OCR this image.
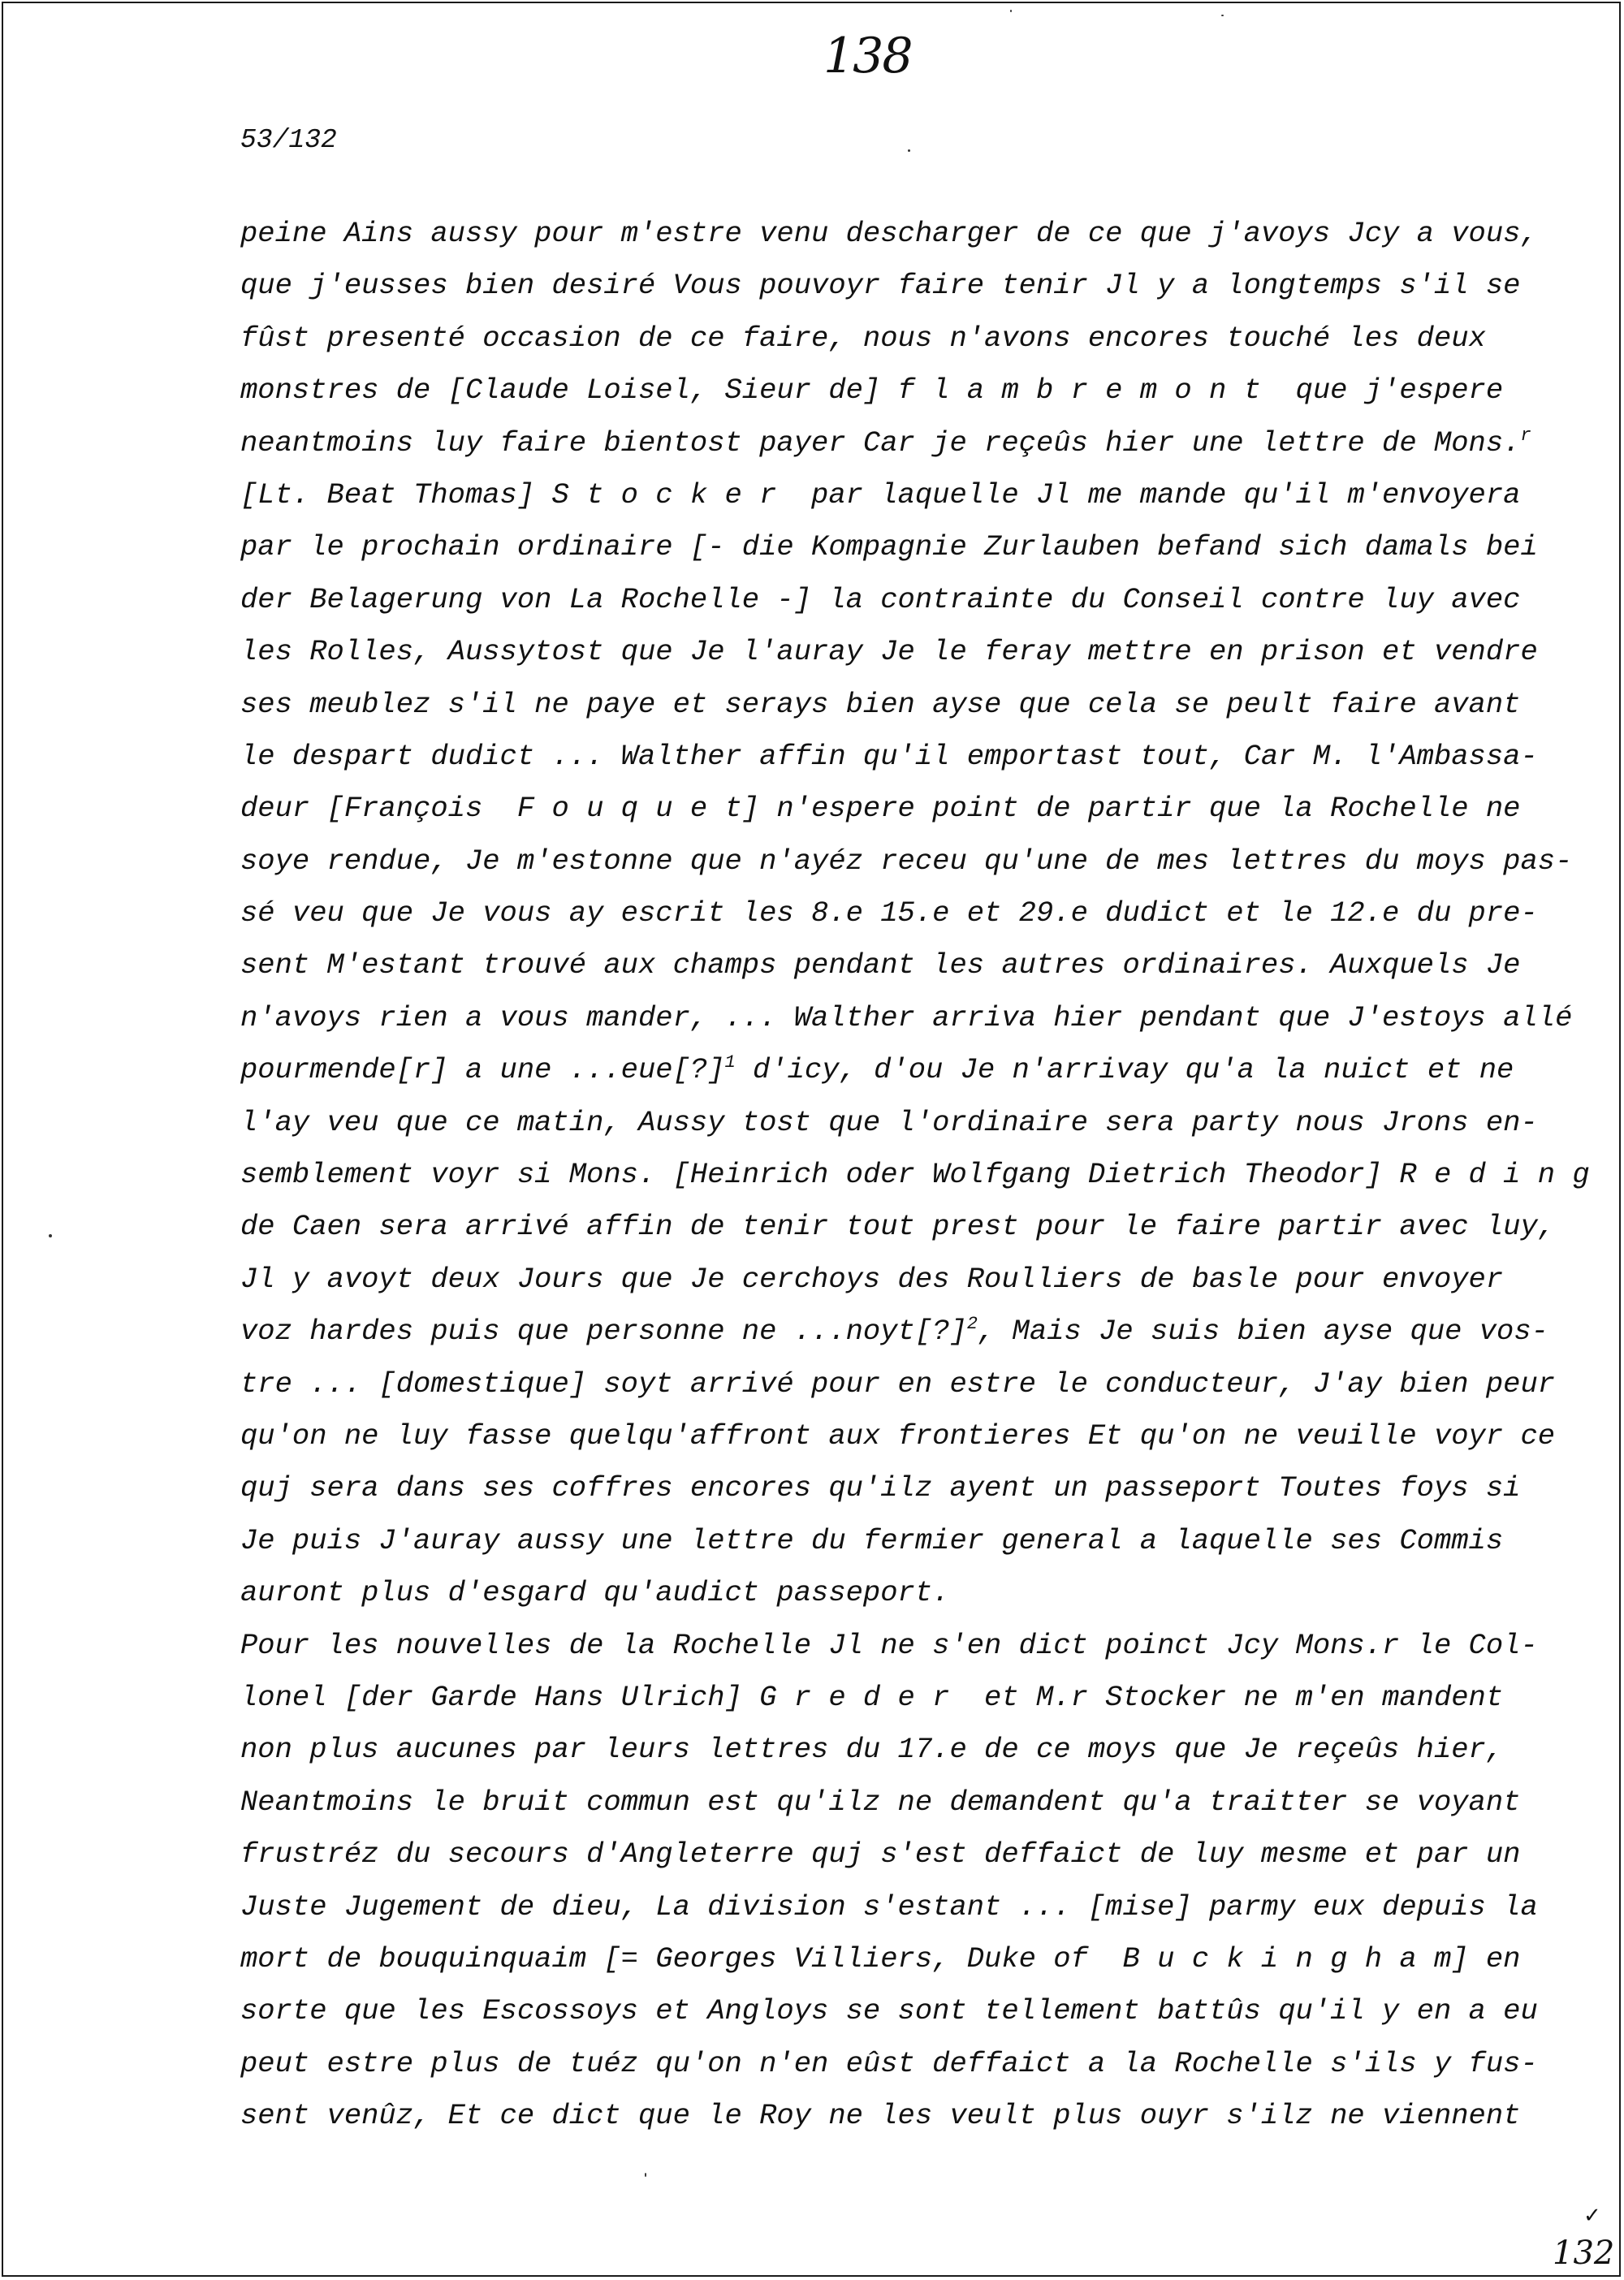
138
53/132
peine Ains aussy pour m'estre venu descharger de ce que j'avoys Jcy a vous,
que j'eusses bien desiré Vous pouvoyr faire tenir Jl y a longtemps s'il se
fûst presenté occasion de ce faire, nous n'avons encores touché les deux
monstres de [Claude Loisel, Sieur de] f l a m b r e m o n t  que j'espere
neantmoins luy faire bientost payer Car je reçeûs hier une lettre de Mons.$^r$
[Lt. Beat Thomas] S t o c k e r  par laquelle Jl me mande qu'il m'envoyera
par le prochain ordinaire [- die Kompagnie Zurlauben befand sich damals bei
der Belagerung von La Rochelle -] la contrainte du Conseil contre luy avec
les Rolles, Aussytost que Je l'auray Je le feray mettre en prison et vendre
ses meublez s'il ne paye et serays bien ayse que cela se peult faire avant
le despart dudict ... Walther affin qu'il emportast tout, Car M. l'Ambassa-
deur [François  F o u q u e t] n'espere point de partir que la Rochelle ne
soye rendue, Je m'estonne que n'ayéz receu qu'une de mes lettres du moys pas-
sé veu que Je vous ay escrit les 8.e 15.e et 29.e dudict et le 12.e du pre-
sent M'estant trouvé aux champs pendant les autres ordinaires. Auxquels Je
n'avoys rien a vous mander, ... Walther arriva hier pendant que J'estoys allé
pourmende[r] a une ...eue[?]$^1$ d'icy, d'ou Je n'arrivay qu'a la nuict et ne
l'ay veu que ce matin, Aussy tost que l'ordinaire sera party nous Jrons en-
semblement voyr si Mons. [Heinrich oder Wolfgang Dietrich Theodor] R e d i n g
de Caen sera arrivé affin de tenir tout prest pour le faire partir avec luy,
Jl y avoyt deux Jours que Je cerchoys des Roulliers de basle pour envoyer
voz hardes puis que personne ne ...noyt[?]$^2$, Mais Je suis bien ayse que vos-
tre ... [domestique] soyt arrivé pour en estre le conducteur, J'ay bien peur
qu'on ne luy fasse quelqu'affront aux frontieres Et qu'on ne veuille voyr ce
quj sera dans ses coffres encores qu'ilz ayent un passeport Toutes foys si
Je puis J'auray aussy une lettre du fermier general a laquelle ses Commis
auront plus d'esgard qu'audict passeport.
Pour les nouvelles de la Rochelle Jl ne s'en dict poinct Jcy Mons.r le Col-
lonel [der Garde Hans Ulrich] G r e d e r  et M.r Stocker ne m'en mandent
non plus aucunes par leurs lettres du 17.e de ce moys que Je reçeûs hier,
Neantmoins le bruit commun est qu'ilz ne demandent qu'a traitter se voyant
frustréz du secours d'Angleterre quj s'est deffaict de luy mesme et par un
Juste Jugement de dieu, La division s'estant ... [mise] parmy eux depuis la
mort de bouquinquaim [= Georges Villiers, Duke of  B u c k i n g h a m] en
sorte que les Escossoys et Angloys se sont tellement battûs qu'il y en a eu
peut estre plus de tuéz qu'on n'en eûst deffaict a la Rochelle s'ils y fus-
sent venûz, Et ce dict que le Roy ne les veult plus ouyr s'ilz ne viennent
✓
132
